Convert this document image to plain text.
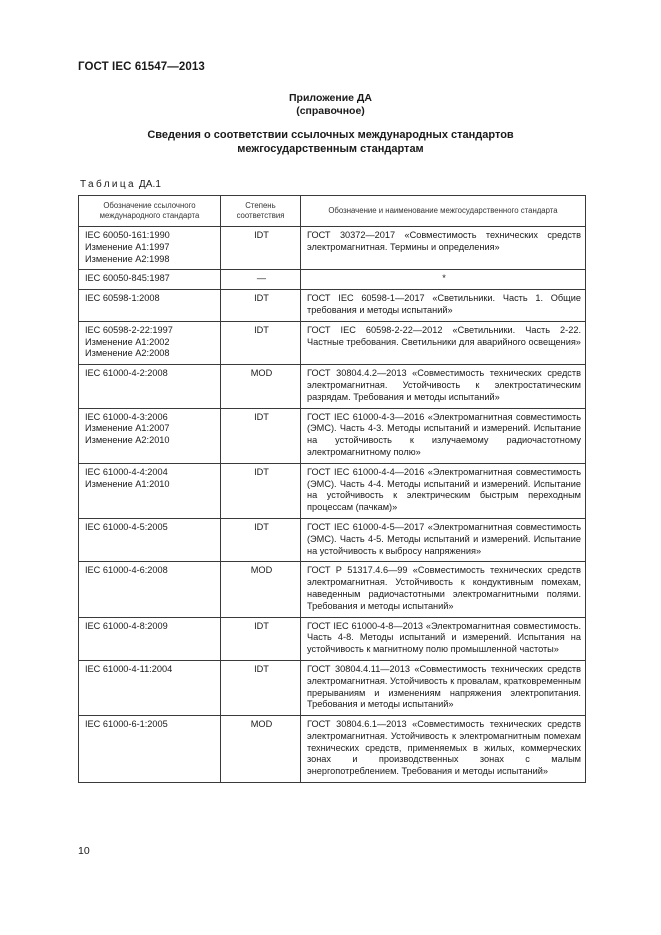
ГОСТ IEC 61547—2013
Приложение ДА
(справочное)
Сведения о соответствии ссылочных международных стандартов
межгосударственным стандартам
Таблица ДА.1
Обозначение ссылочного международного стандарта	Степень соответствия	Обозначение и наименование межгосударственного стандарта

IEC 60050-161:1990
Изменение A1:1997
Изменение A2:1998	IDT	ГОСТ 30372—2017 «Совместимость технических средств электромагнитная. Термины и определения»

IEC 60050-845:1987	—	*

IEC 60598-1:2008	IDT	ГОСТ IEC 60598-1—2017 «Светильники. Часть 1. Общие требования и методы испытаний»

IEC 60598-2-22:1997
Изменение A1:2002
Изменение A2:2008	IDT	ГОСТ IEC 60598-2-22—2012 «Светильники. Часть 2-22. Частные требования. Светильники для аварийного освещения»

IEC 61000-4-2:2008	MOD	ГОСТ 30804.4.2—2013 «Совместимость технических средств электромагнитная. Устойчивость к электростатическим разрядам. Требования и методы испытаний»

IEC 61000-4-3:2006
Изменение A1:2007
Изменение A2:2010	IDT	ГОСТ IEC 61000-4-3—2016 «Электромагнитная совместимость (ЭМС). Часть 4-3. Методы испытаний и измерений. Испытание на устойчивость к излучаемому радиочастотному электромагнитному полю»

IEC 61000-4-4:2004
Изменение A1:2010	IDT	ГОСТ IEC 61000-4-4—2016 «Электромагнитная совместимость (ЭМС). Часть 4-4. Методы испытаний и измерений. Испытание на устойчивость к электрическим быстрым переходным процессам (пачкам)»

IEC 61000-4-5:2005	IDT	ГОСТ IEC 61000-4-5—2017 «Электромагнитная совместимость (ЭМС). Часть 4-5. Методы испытаний и измерений. Испытание на устойчивость к выбросу напряжения»

IEC 61000-4-6:2008	MOD	ГОСТ Р 51317.4.6—99 «Совместимость технических средств электромагнитная. Устойчивость к кондуктивным помехам, наведенным радиочастотными электромагнитными полями. Требования и методы испытаний»

IEC 61000-4-8:2009	IDT	ГОСТ IEC 61000-4-8—2013 «Электромагнитная совместимость. Часть 4-8. Методы испытаний и измерений. Испытания на устойчивость к магнитному полю промышленной частоты»

IEC 61000-4-11:2004	IDT	ГОСТ 30804.4.11—2013 «Совместимость технических средств электромагнитная. Устойчивость к провалам, кратковременным прерываниям и изменениям напряжения электропитания. Требования и методы испытаний»

IEC 61000-6-1:2005	MOD	ГОСТ 30804.6.1—2013 «Совместимость технических средств электромагнитная. Устойчивость к электромагнитным помехам технических средств, применяемых в жилых, коммерческих зонах и производственных зонах с малым энергопотреблением. Требования и методы испытаний»
10
